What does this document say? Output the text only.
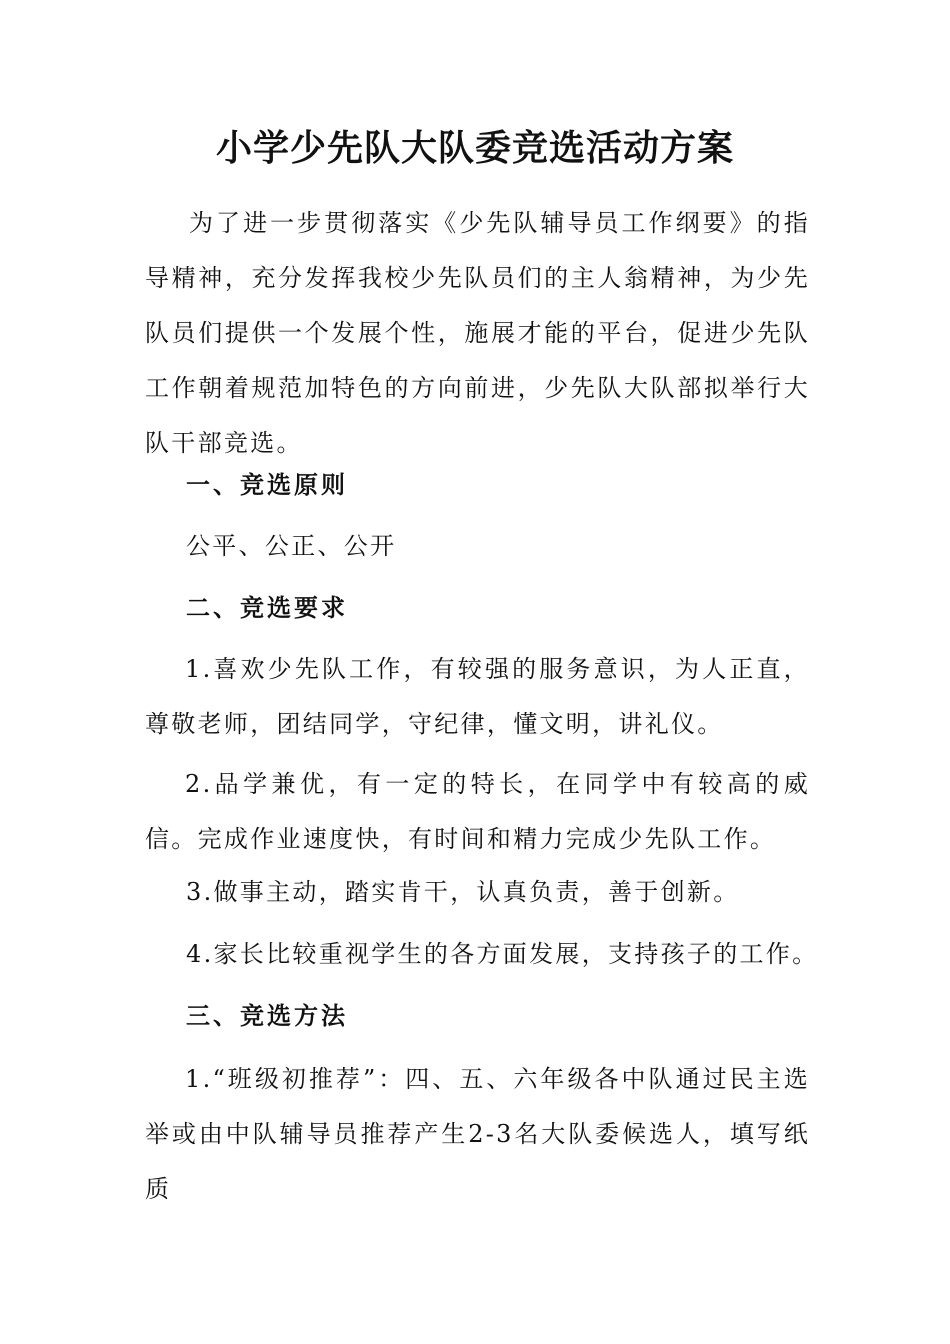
小学少先队大队委竞选活动方案

为了进一步贯彻落实《少先队辅导员工作纲要》的指导精神，充分发挥我校少先队员们的主人翁精神，为少先队员们提供一个发展个性，施展才能的平台，促进少先队工作朝着规范加特色的方向前进，少先队大队部拟举行大队干部竞选。

一、竞选原则

公平、公正、公开

二、竞选要求

1.喜欢少先队工作，有较强的服务意识，为人正直，尊敬老师，团结同学，守纪律，懂文明，讲礼仪。

2.品学兼优，有一定的特长，在同学中有较高的威信。完成作业速度快，有时间和精力完成少先队工作。

3.做事主动，踏实肯干，认真负责，善于创新。

4.家长比较重视学生的各方面发展，支持孩子的工作。

三、竞选方法

1.“班级初推荐”：四、五、六年级各中队通过民主选举或由中队辅导员推荐产生2-3名大队委候选人，填写纸质
